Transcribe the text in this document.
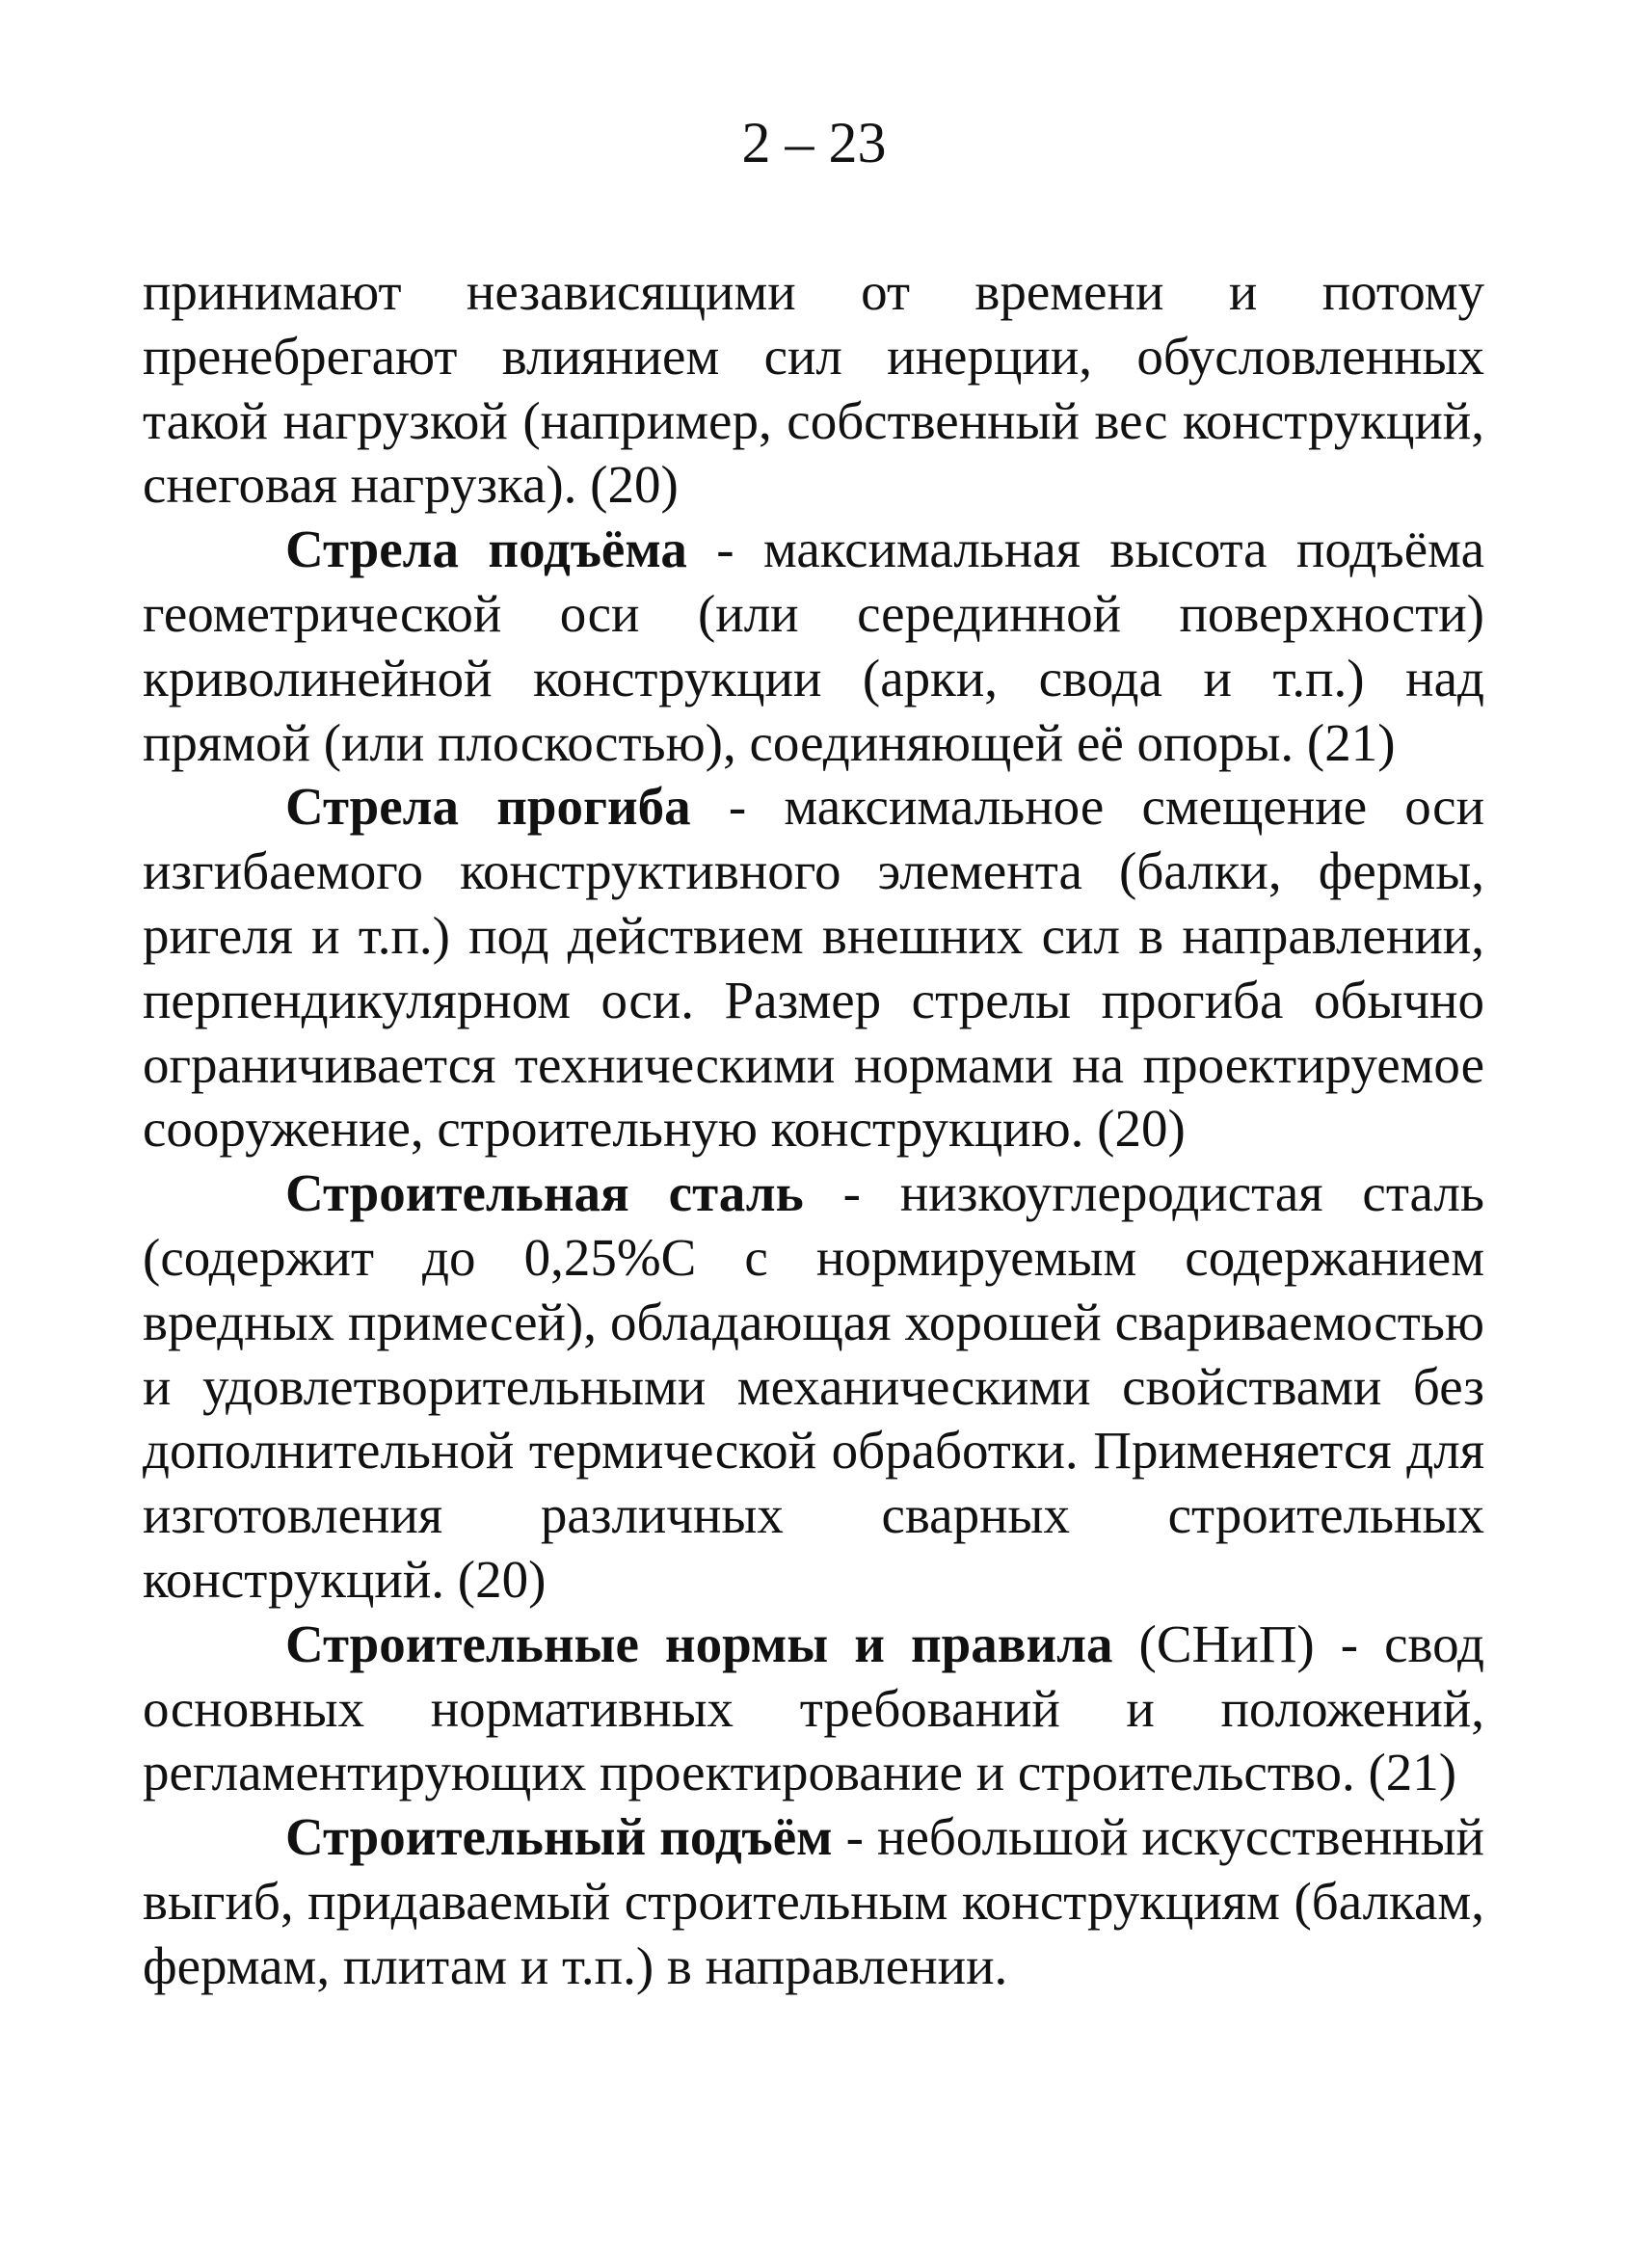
2 – 23

принимают независящими от времени и потому пренебрегают влиянием сил инерции, обусловленных такой нагрузкой (например, собственный вес конструкций, снеговая нагрузка). (20)

Стрела подъёма - максимальная высота подъёма геометрической оси (или серединной поверхности) криволинейной конструкции (арки, свода и т.п.) над прямой (или плоскостью), соединяющей её опоры. (21)

Стрела прогиба - максимальное смещение оси изгибаемого конструктивного элемента (балки, фермы, ригеля и т.п.) под действием внешних сил в направлении, перпендикулярном оси. Размер стрелы прогиба обычно ограничивается техническими нормами на проектируемое сооружение, строительную конструкцию. (20)

Строительная сталь - низкоуглеродистая сталь (содержит до 0,25%С с нормируемым содержанием вредных примесей), обладающая хорошей свариваемостью и удовлетворительными механическими свойствами без дополнительной термической обработки. Применяется для изготовления различных сварных строительных конструкций. (20)

Строительные нормы и правила (СНиП) - свод основных нормативных требований и положений, регламентирующих проектирование и строительство. (21)

Строительный подъём - небольшой искусственный выгиб, придаваемый строительным конструкциям (балкам, фермам, плитам и т.п.) в направлении.
